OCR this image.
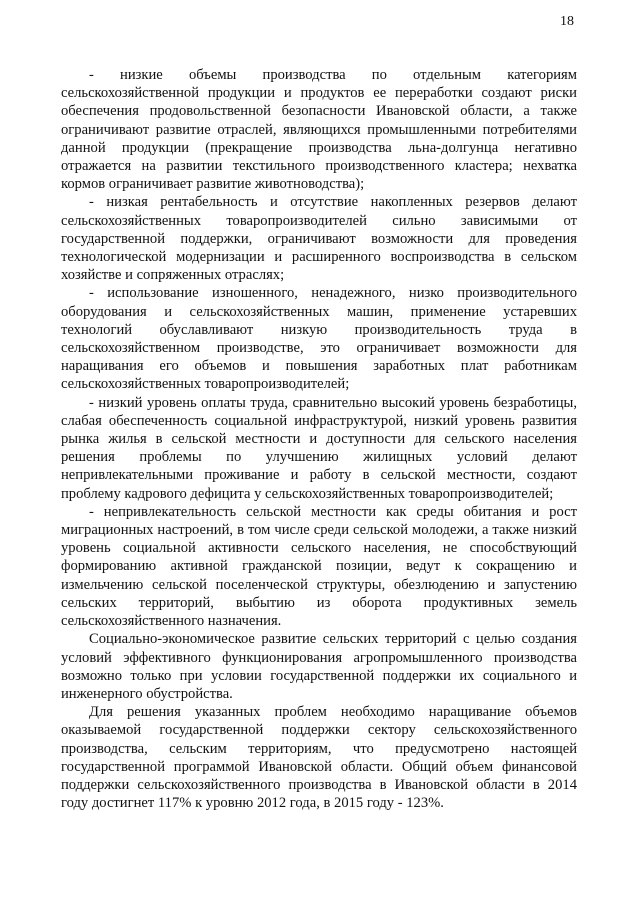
18

- низкие объемы производства по отдельным категориям сельскохозяйственной продукции и продуктов ее переработки создают риски обеспечения продовольственной безопасности Ивановской области, а также ограничивают развитие отраслей, являющихся промышленными потребителями данной продукции (прекращение производства льна-долгунца негативно отражается на развитии текстильного производственного кластера; нехватка кормов ограничивает развитие животноводства);

- низкая рентабельность и отсутствие накопленных резервов делают сельскохозяйственных товаропроизводителей сильно зависимыми от государственной поддержки, ограничивают возможности для проведения технологической модернизации и расширенного воспроизводства в сельском хозяйстве и сопряженных отраслях;

- использование изношенного, ненадежного, низко производительного оборудования и сельскохозяйственных машин, применение устаревших технологий обуславливают низкую производительность труда в сельскохозяйственном производстве, это ограничивает возможности для наращивания его объемов и повышения заработных плат работникам сельскохозяйственных товаропроизводителей;

- низкий уровень оплаты труда, сравнительно высокий уровень безработицы, слабая обеспеченность социальной инфраструктурой, низкий уровень развития рынка жилья в сельской местности и доступности для сельского населения решения проблемы по улучшению жилищных условий делают непривлекательными проживание и работу в сельской местности, создают проблему кадрового дефицита у сельскохозяйственных товаропроизводителей;

- непривлекательность сельской местности как среды обитания и рост миграционных настроений, в том числе среди сельской молодежи, а также низкий уровень социальной активности сельского населения, не способствующий формированию активной гражданской позиции, ведут к сокращению и измельчению сельской поселенческой структуры, обезлюдению и запустению сельских территорий, выбытию из оборота продуктивных земель сельскохозяйственного назначения.

Социально-экономическое развитие сельских территорий с целью создания условий эффективного функционирования агропромышленного производства возможно только при условии государственной поддержки их социального и инженерного обустройства.

Для решения указанных проблем необходимо наращивание объемов оказываемой государственной поддержки сектору сельскохозяйственного производства, сельским территориям, что предусмотрено настоящей государственной программой Ивановской области. Общий объем финансовой поддержки сельскохозяйственного производства в Ивановской области в 2014 году достигнет 117% к уровню 2012 года, в 2015 году - 123%.
